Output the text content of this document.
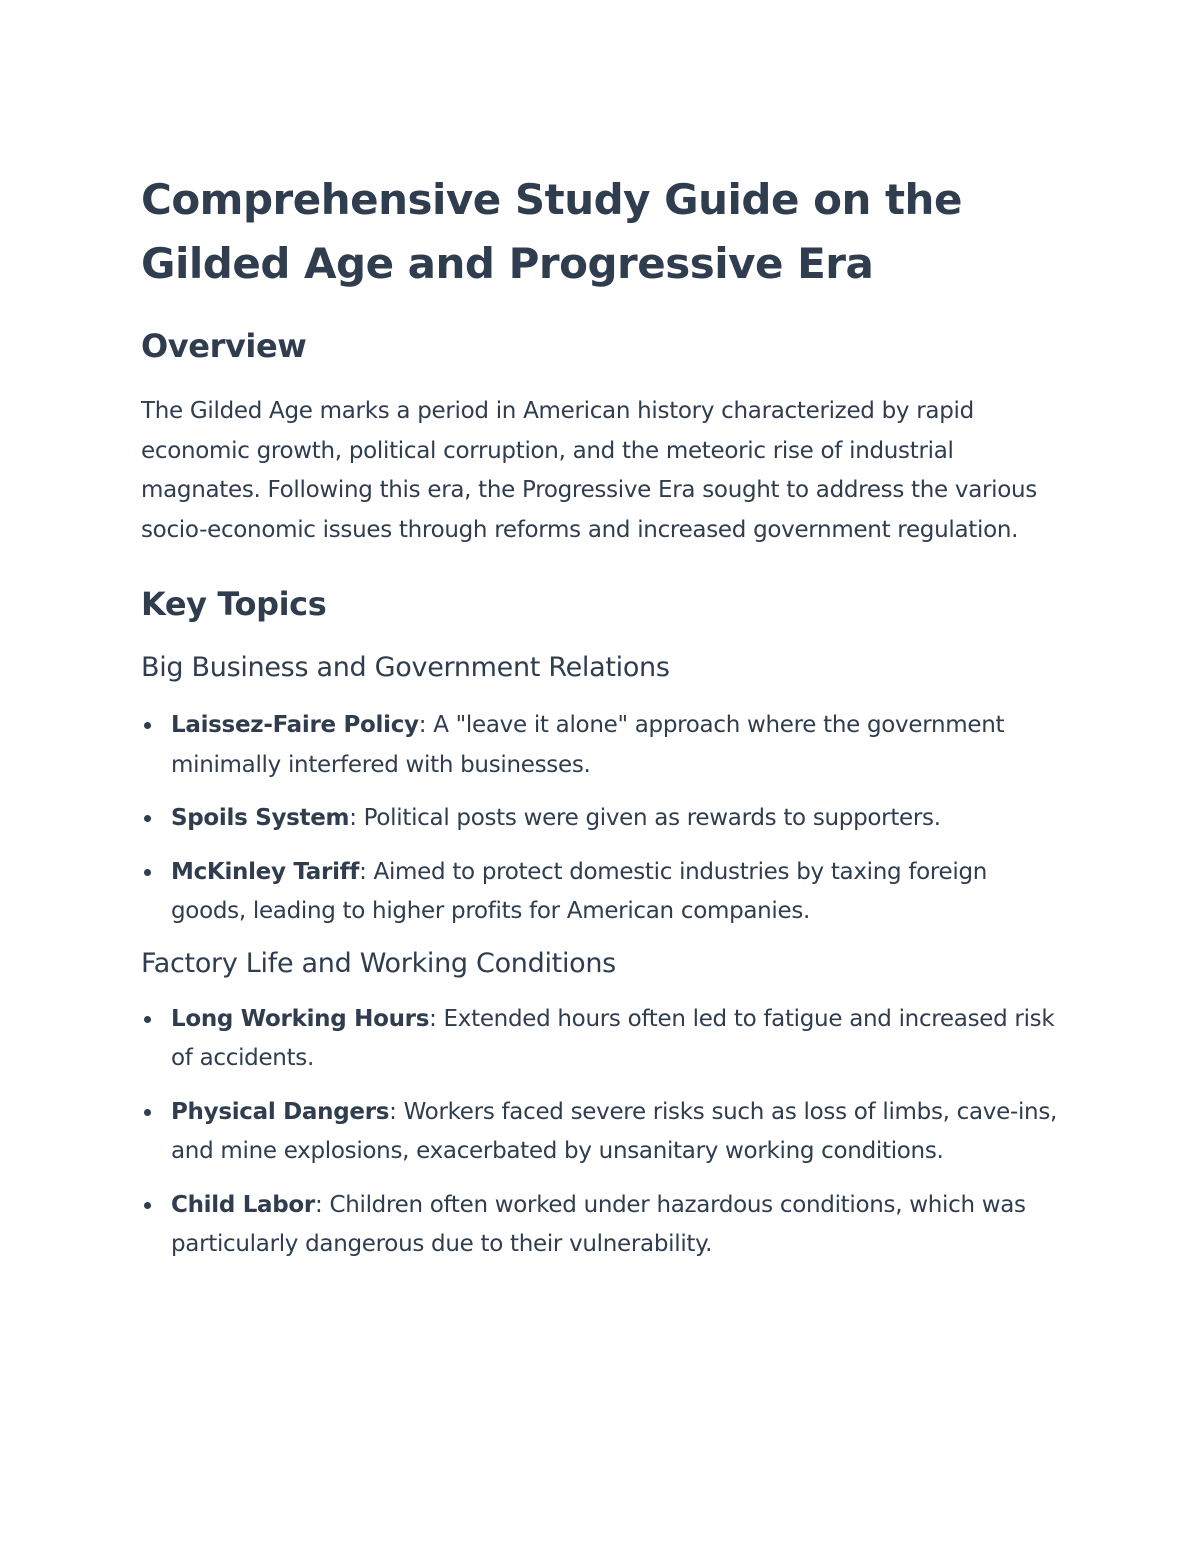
Comprehensive Study Guide on the Gilded Age and Progressive Era
Overview

The Gilded Age marks a period in American history characterized by rapid economic growth, political corruption, and the meteoric rise of industrial magnates. Following this era, the Progressive Era sought to address the various socio-economic issues through reforms and increased government regulation.

Key Topics
Big Business and Government Relations
Laissez-Faire Policy: A "leave it alone" approach where the government minimally interfered with businesses.
Spoils System: Political posts were given as rewards to supporters.
McKinley Tariff: Aimed to protect domestic industries by taxing foreign goods, leading to higher profits for American companies.
Factory Life and Working Conditions
Long Working Hours: Extended hours often led to fatigue and increased risk of accidents.
Physical Dangers: Workers faced severe risks such as loss of limbs, cave-ins, and mine explosions, exacerbated by unsanitary working conditions.
Child Labor: Children often worked under hazardous conditions, which was particularly dangerous due to their vulnerability.
